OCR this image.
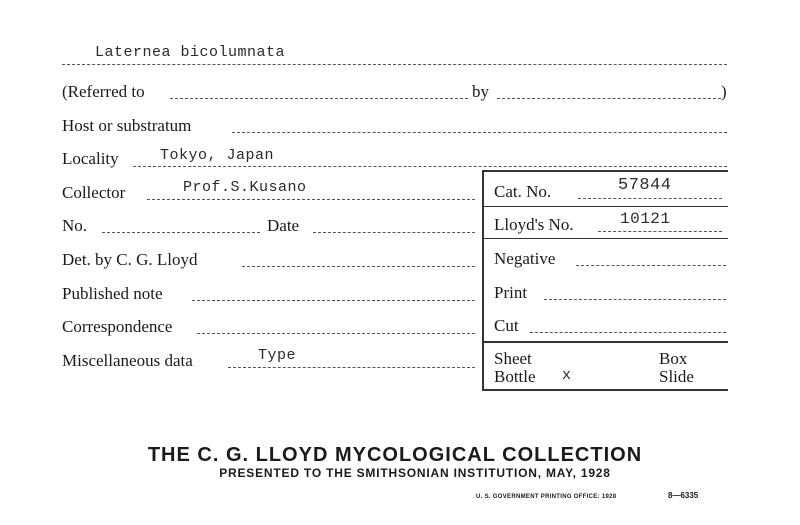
Laternea bicolumnata
(Referred to	by	)
Host or substratum
Locality	Tokyo, Japan
Collector	Prof.S.Kusano	Cat. No.	57844
No.	Date	Lloyd's No.	10121
Det. by C. G. Lloyd	Negative
Published note	Print
Correspondence	Cut
Miscellaneous data	Type	Sheet	Box
Bottle x	Slide
THE C. G. LLOYD MYCOLOGICAL COLLECTION
PRESENTED TO THE SMITHSONIAN INSTITUTION, MAY, 1928
U. S. GOVERNMENT PRINTING OFFICE: 1928	8—6335
